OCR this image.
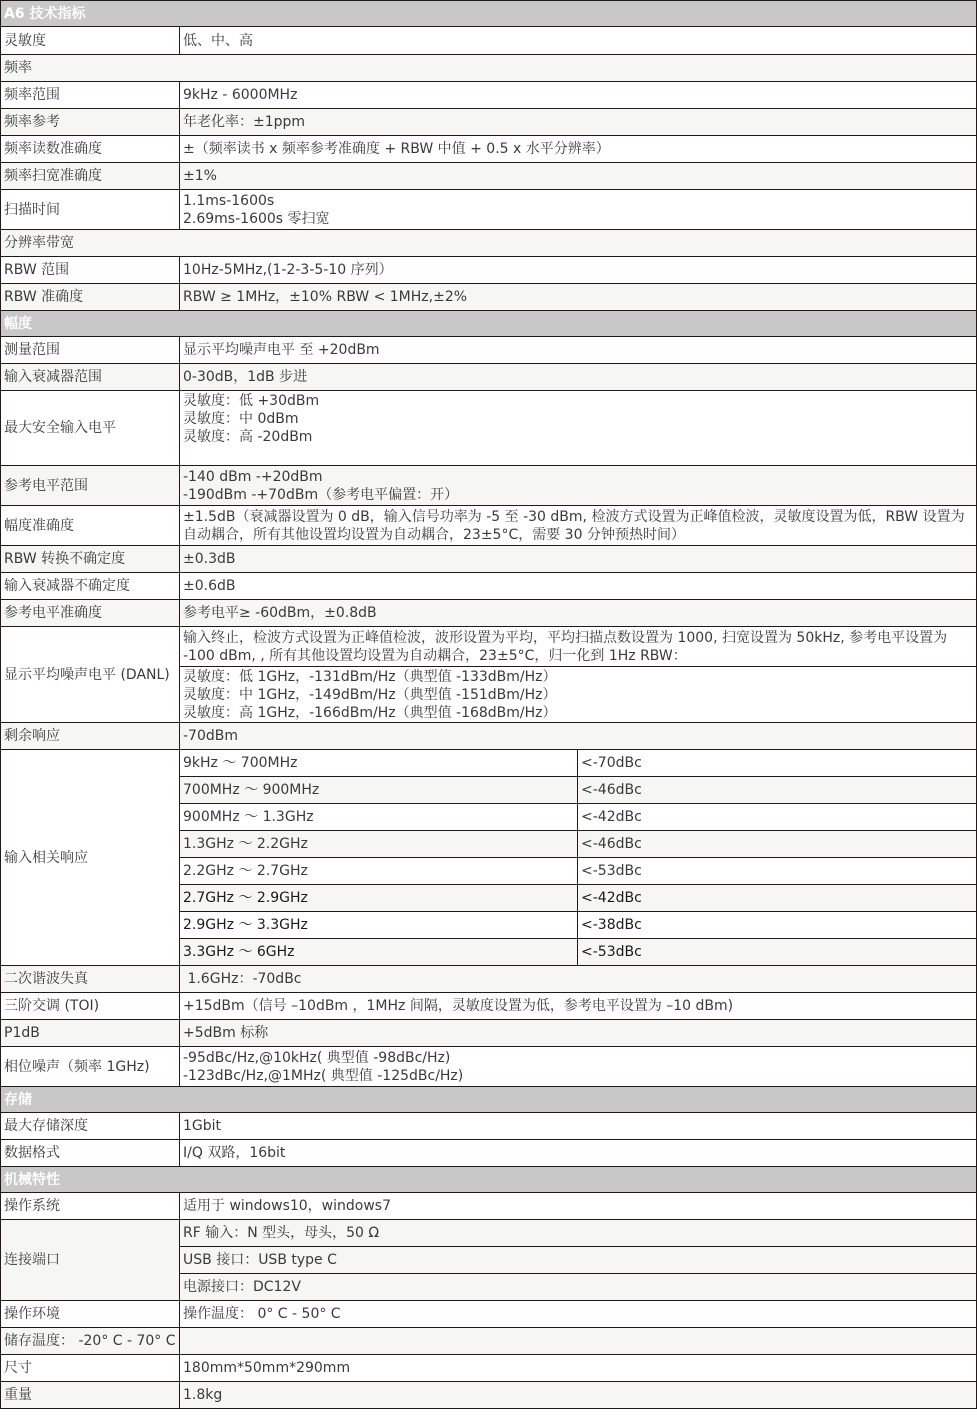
A6 技术指标		
灵敏度	低、中、高	
频率		
频率范围	9kHz - 6000MHz	
频率参考	年老化率：±1ppm	
频率读数准确度	±（频率读书 x 频率参考准确度 + RBW 中值 + 0.5 x 水平分辨率）	
频率扫宽准确度	±1%	
扫描时间	1.1ms-1600s
2.69ms-1600s 零扫宽	

分辨率带宽		
RBW 范围	10Hz-5MHz,(1-2-3-5-10 序列）	
RBW 准确度	RBW ≥ 1MHz，±10% RBW < 1MHz,±2%	
幅度		
测量范围	显示平均噪声电平 至 +20dBm	
输入衰减器范围	0-30dB，1dB 步进	
最大安全输入电平	灵敏度：低 +30dBm
灵敏度：中 0dBm
灵敏度：高 -20dBm	

参考电平范围	-140 dBm -+20dBm
-190dBm -+70dBm（参考电平偏置：开）	

幅度准确度	±1.5dB（衰减器设置为 0 dB，输入信号功率为 -5 至 -30 dBm, 检波方式设置为正峰值检波，灵敏度设置为低，RBW 设置为自动耦合，所有其他设置均设置为自动耦合，23±5°C，需要 30 分钟预热时间）	
RBW 转换不确定度	±0.3dB	
输入衰减器不确定度	±0.6dB	
参考电平准确度	参考电平≥ -60dBm，±0.8dB	
显示平均噪声电平 (DANL)	输入终止，检波方式设置为正峰值检波，波形设置为平均，平均扫描点数设置为 1000, 扫宽设置为 50kHz, 参考电平设置为 -100 dBm, , 所有其他设置均设置为自动耦合，23±5°C，归一化到 1Hz RBW：	

	灵敏度：低 1GHz，-131dBm/Hz（典型值 -133dBm/Hz）
灵敏度：中 1GHz，-149dBm/Hz（典型值 -151dBm/Hz）
灵敏度：高 1GHz，-166dBm/Hz（典型值 -168dBm/Hz）	

剩余响应	-70dBm	
输入相关响应	9kHz ～ 700MHz	<-70dBc
	700MHz ～ 900MHz	<-46dBc
	900MHz ～ 1.3GHz	<-42dBc
	1.3GHz ～ 2.2GHz	<-46dBc
	2.2GHz ～ 2.7GHz	<-53dBc
	2.7GHz ～ 2.9GHz	<-42dBc
	2.9GHz ～ 3.3GHz	<-38dBc
	3.3GHz ～ 6GHz	<-53dBc
二次谐波失真	1.6GHz：-70dBc	
三阶交调 (TOI)	+15dBm（信号 –10dBm ，1MHz 间隔，灵敏度设置为低，参考电平设置为 –10 dBm)	
P1dB	+5dBm 标称	
相位噪声（频率 1GHz)	-95dBc/Hz,@10kHz( 典型值 -98dBc/Hz)
-123dBc/Hz,@1MHz( 典型值 -125dBc/Hz)	

存储		
最大存储深度	1Gbit	
数据格式	I/Q 双路，16bit	
机械特性		
操作系统	适用于 windows10，windows7	
连接端口	RF 输入：N 型头，母头，50 Ω	
	USB 接口：USB type C	
	电源接口：DC12V	
操作环境	操作温度： 0° C - 50° C	
储存温度： -20° C - 70° C		
尺寸	180mm*50mm*290mm	
重量	1.8kg	
